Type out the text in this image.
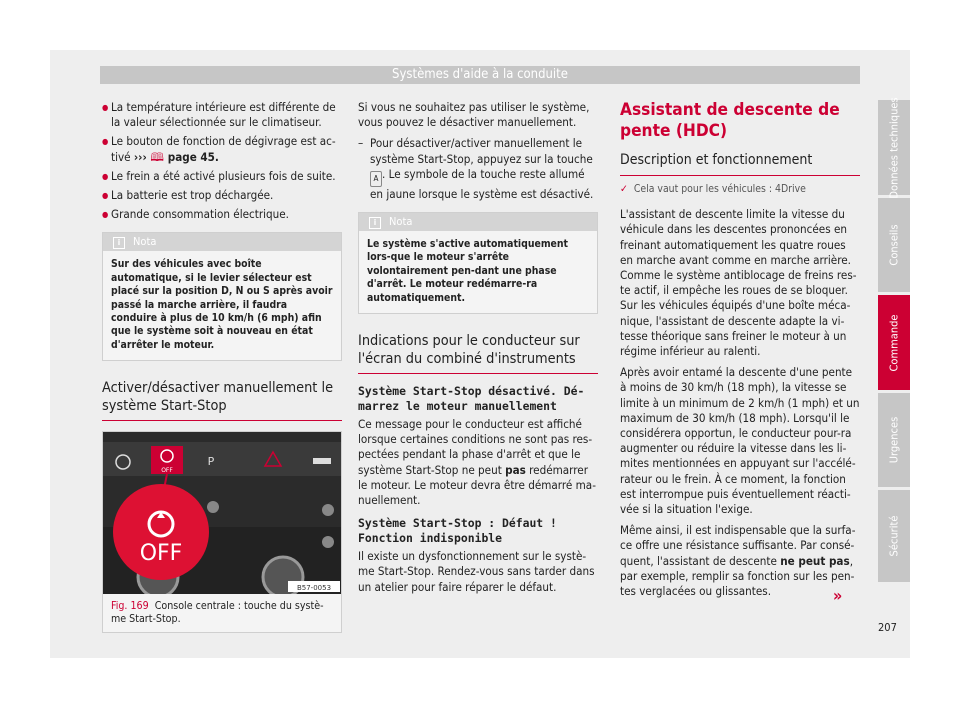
Systèmes d'aide à la conduite
● La température intérieure est différente de la valeur sélectionnée sur le climatiseur.
● Le bouton de fonction de dégivrage est ac-tivé ››› 🕮 page 45.
● Le frein a été activé plusieurs fois de suite.
● La batterie est trop déchargée.
● Grande consommation électrique.
i Nota
Sur des véhicules avec boîte automatique, si le levier sélecteur est placé sur la position D, N ou S après avoir passé la marche arrière, il faudra conduire à plus de 10 km/h (6 mph) afin que le système soit à nouveau en état d'arrêter le moteur.
Activer/désactiver manuellement le système Start-Stop
OFF
P
OFF
B57-0053
Fig. 169 Console centrale : touche du systè-me Start-Stop.

Si vous ne souhaitez pas utiliser le système, vous pouvez le désactiver manuellement.

– Pour désactiver/activer manuellement le système Start-Stop, appuyez sur la touche A . Le symbole de la touche reste allumé en jaune lorsque le système est désactivé.

i Nota
Le système s'active automatiquement lors-que le moteur s'arrête volontairement pen-dant une phase d'arrêt. Le moteur redémarre-ra automatiquement.
Indications pour le conducteur sur l'écran du combiné d'instruments
Système Start-Stop désactivé. Dé-marrez le moteur manuellement

Ce message pour le conducteur est affiché lorsque certaines conditions ne sont pas res-pectées pendant la phase d'arrêt et que le système Start-Stop ne peut pas redémarrer le moteur. Le moteur devra être démarré ma-nuellement.

Système Start-Stop : Défaut ! Fonction indisponible

Il existe un dysfonctionnement sur le systè-me Start-Stop. Rendez-vous sans tarder dans un atelier pour faire réparer le défaut.

Assistant de descente de pente (HDC)
Description et fonctionnement
✓ Cela vaut pour les véhicules : 4Drive

L'assistant de descente limite la vitesse du véhicule dans les descentes prononcées en freinant automatiquement les quatre roues en marche avant comme en marche arrière. Comme le système antiblocage de freins res-te actif, il empêche les roues de se bloquer. Sur les véhicules équipés d'une boîte méca-nique, l'assistant de descente adapte la vi-tesse théorique sans freiner le moteur à un régime inférieur au ralenti.

Après avoir entamé la descente d'une pente à moins de 30 km/h (18 mph), la vitesse se limite à un minimum de 2 km/h (1 mph) et un maximum de 30 km/h (18 mph). Lorsqu'il le considérera opportun, le conducteur pour-ra augmenter ou réduire la vitesse dans les li-mites mentionnées en appuyant sur l'accélé-rateur ou le frein. À ce moment, la fonction est interrompue puis éventuellement réacti-vée si la situation l'exige.

Même ainsi, il est indispensable que la surfa-ce offre une résistance suffisante. Par consé-quent, l'assistant de descente ne peut pas, par exemple, remplir sa fonction sur les pen-tes verglacées ou glissantes.	»
Données techniques
Conseils
Commande
Urgences
Sécurité
207
